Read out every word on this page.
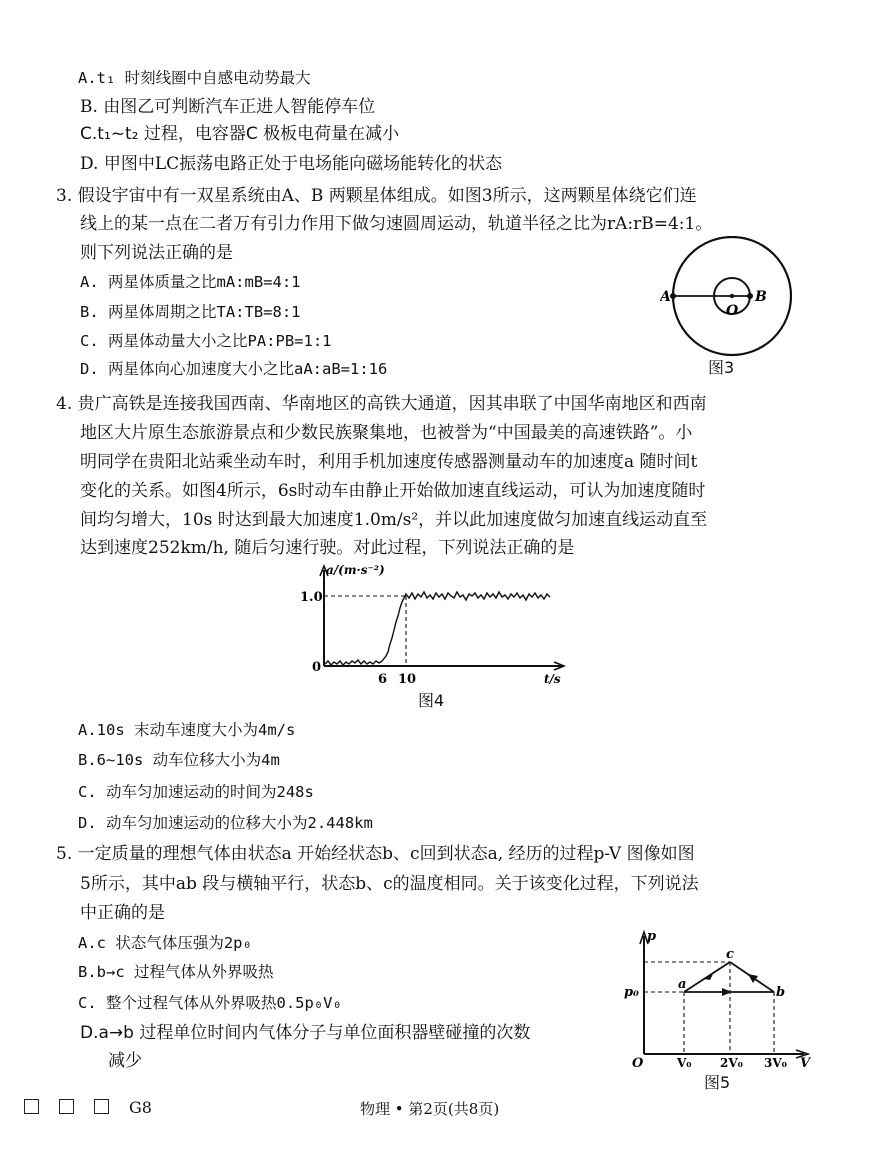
A.t₁ 时刻线圈中自感电动势最大
B. 由图乙可判断汽车正进人智能停车位
C.t₁~t₂ 过程，电容器C 极板电荷量在减小
D. 甲图中LC振荡电路正处于电场能向磁场能转化的状态
3. 假设宇宙中有一双星系统由A、B 两颗星体组成。如图3所示，这两颗星体绕它们连
线上的某一点在二者万有引力作用下做匀速圆周运动，轨道半径之比为rA:rB=4:1。
则下列说法正确的是
A. 两星体质量之比mA:mB=4:1
B. 两星体周期之比TA:TB=8:1
C. 两星体动量大小之比PA:PB=1:1
D. 两星体向心加速度大小之比aA:aB=1:16
A
O
B
图3
4. 贵广高铁是连接我国西南、华南地区的高铁大通道，因其串联了中国华南地区和西南
地区大片原生态旅游景点和少数民族聚集地，也被誉为“中国最美的高速铁路”。小
明同学在贵阳北站乘坐动车时，利用手机加速度传感器测量动车的加速度a 随时间t
变化的关系。如图4所示，6s时动车由静止开始做加速直线运动，可认为加速度随时
间均匀增大，10s 时达到最大加速度1.0m/s²，并以此加速度做匀加速直线运动直至
达到速度252km/h, 随后匀速行驶。对此过程，下列说法正确的是
a/(m·s⁻²)
1.0
0
6 10	t/s
图4
A.10s 末动车速度大小为4m/s
B.6~10s 动车位移大小为4m
C. 动车匀加速运动的时间为248s
D. 动车匀加速运动的位移大小为2.448km
5. 一定质量的理想气体由状态a 开始经状态b、c回到状态a, 经历的过程p-V 图像如图
5所示，其中ab 段与横轴平行，状态b、c的温度相同。关于该变化过程，下列说法
中正确的是
A.c 状态气体压强为2p₀
B.b→c 过程气体从外界吸热
C. 整个过程气体从外界吸热0.5p₀V₀
D.a→b 过程单位时间内气体分子与单位面积器壁碰撞的次数
减少
p
p₀
a
b
c
O	V₀ 2V₀ 3V₀ V
图5
G8	物理 • 第2页(共8页)
